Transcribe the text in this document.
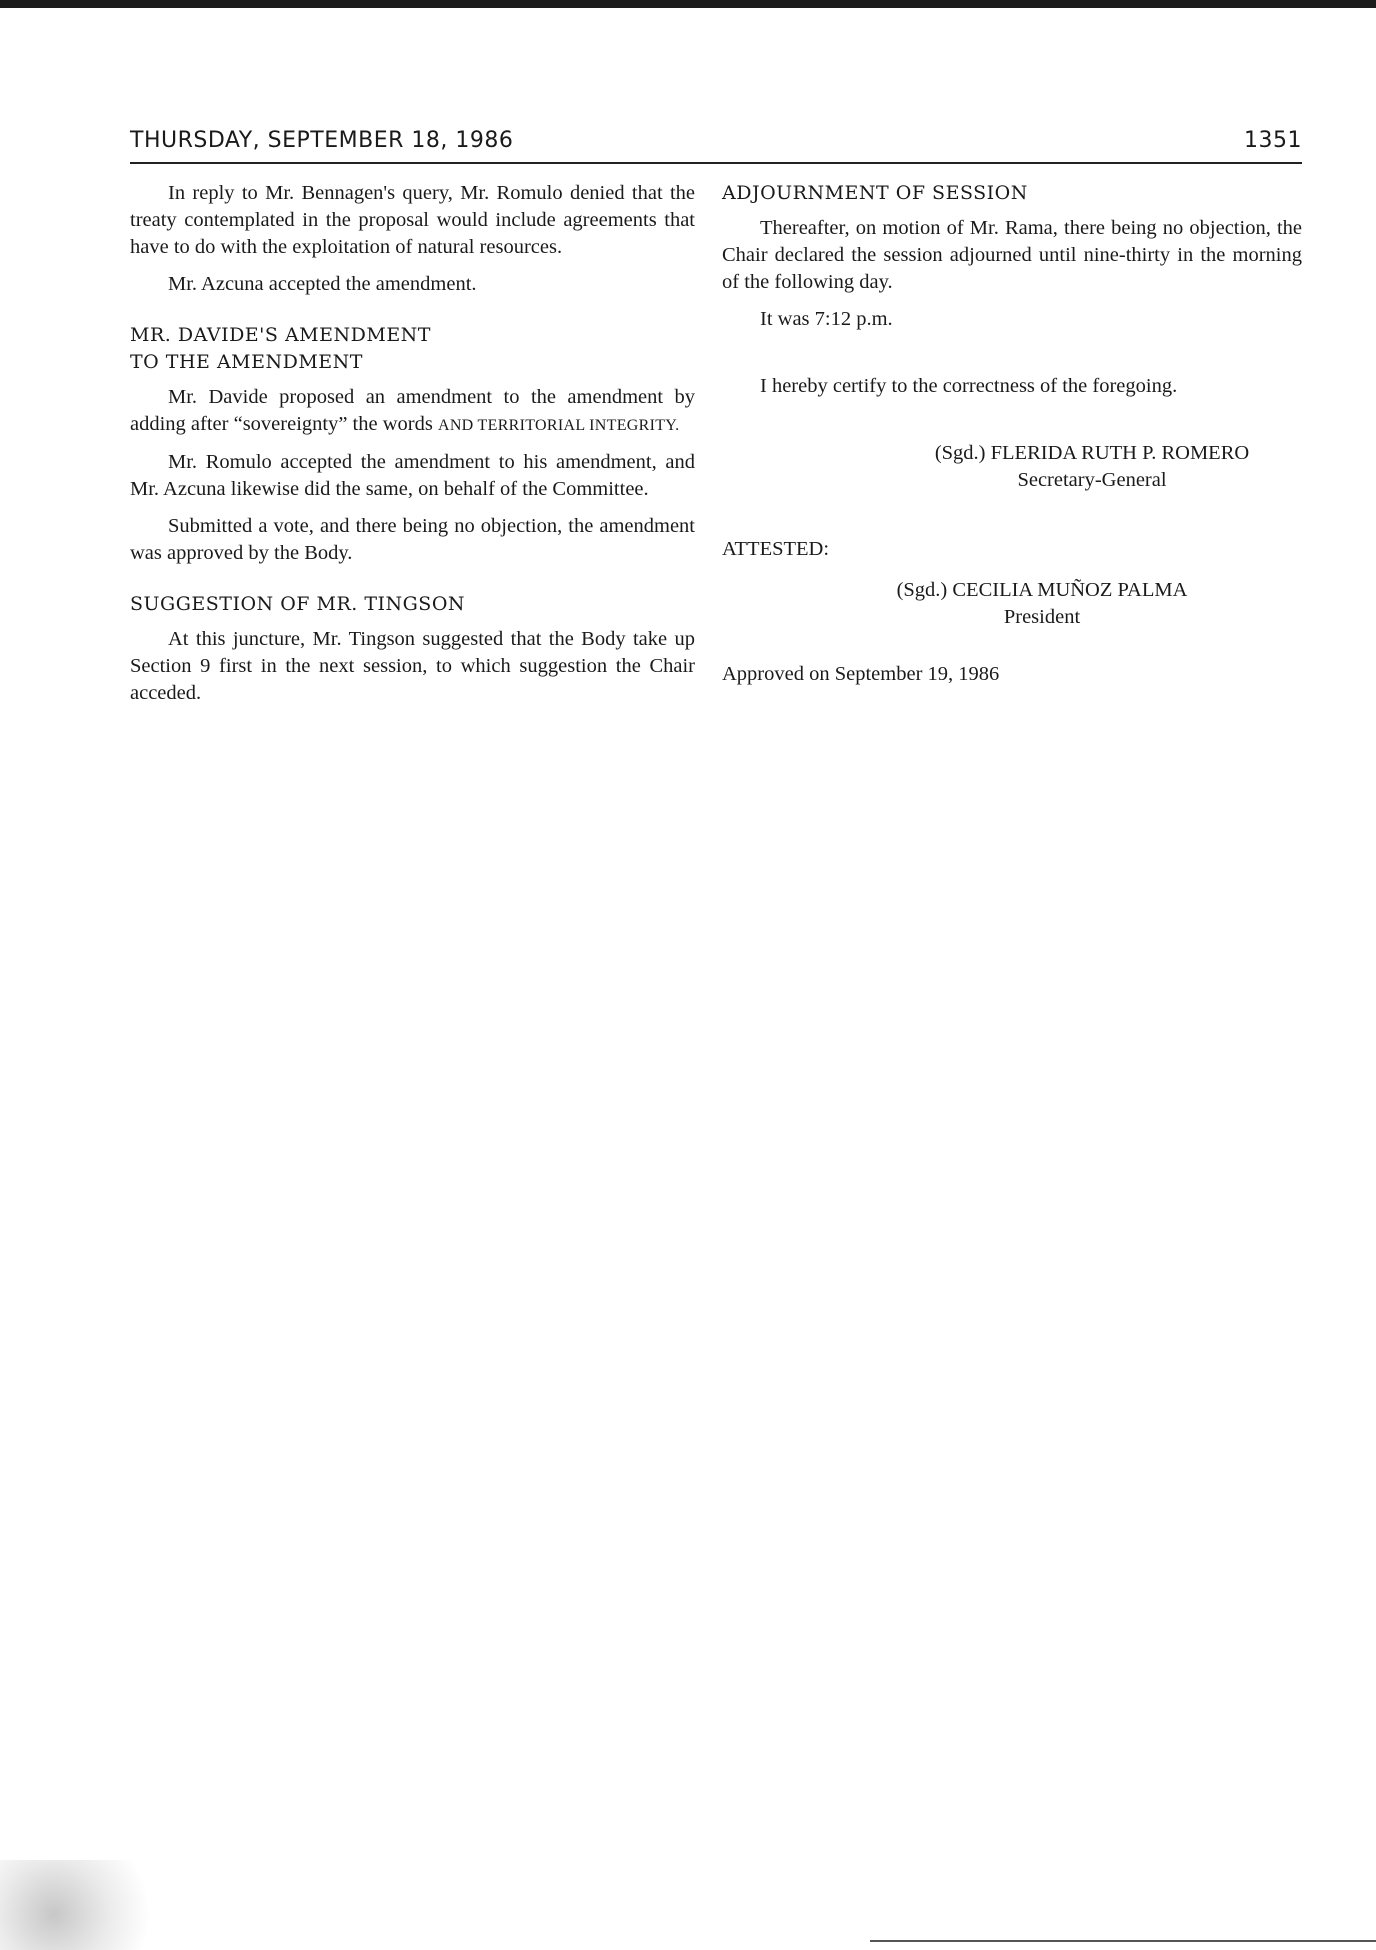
THURSDAY, SEPTEMBER 18, 1986	1351

In reply to Mr. Bennagen's query, Mr. Romulo denied that the treaty contemplated in the proposal would include agreements that have to do with the exploitation of natural resources.

Mr. Azcuna accepted the amendment.

MR. DAVIDE'S AMENDMENT
TO THE AMENDMENT

Mr. Davide proposed an amendment to the amendment by adding after “sovereignty” the words AND TERRITORIAL INTEGRITY.

Mr. Romulo accepted the amendment to his amendment, and Mr. Azcuna likewise did the same, on behalf of the Committee.

Submitted a vote, and there being no objection, the amendment was approved by the Body.

SUGGESTION OF MR. TINGSON

At this juncture, Mr. Tingson suggested that the Body take up Section 9 first in the next session, to which suggestion the Chair acceded.

ADJOURNMENT OF SESSION

Thereafter, on motion of Mr. Rama, there being no objection, the Chair declared the session adjourned until nine-thirty in the morning of the following day.

It was 7:12 p.m.

I hereby certify to the correctness of the foregoing.

(Sgd.) FLERIDA RUTH P. ROMERO

Secretary-General

ATTESTED:

(Sgd.) CECILIA MUÑOZ PALMA

President

Approved on September 19, 1986
